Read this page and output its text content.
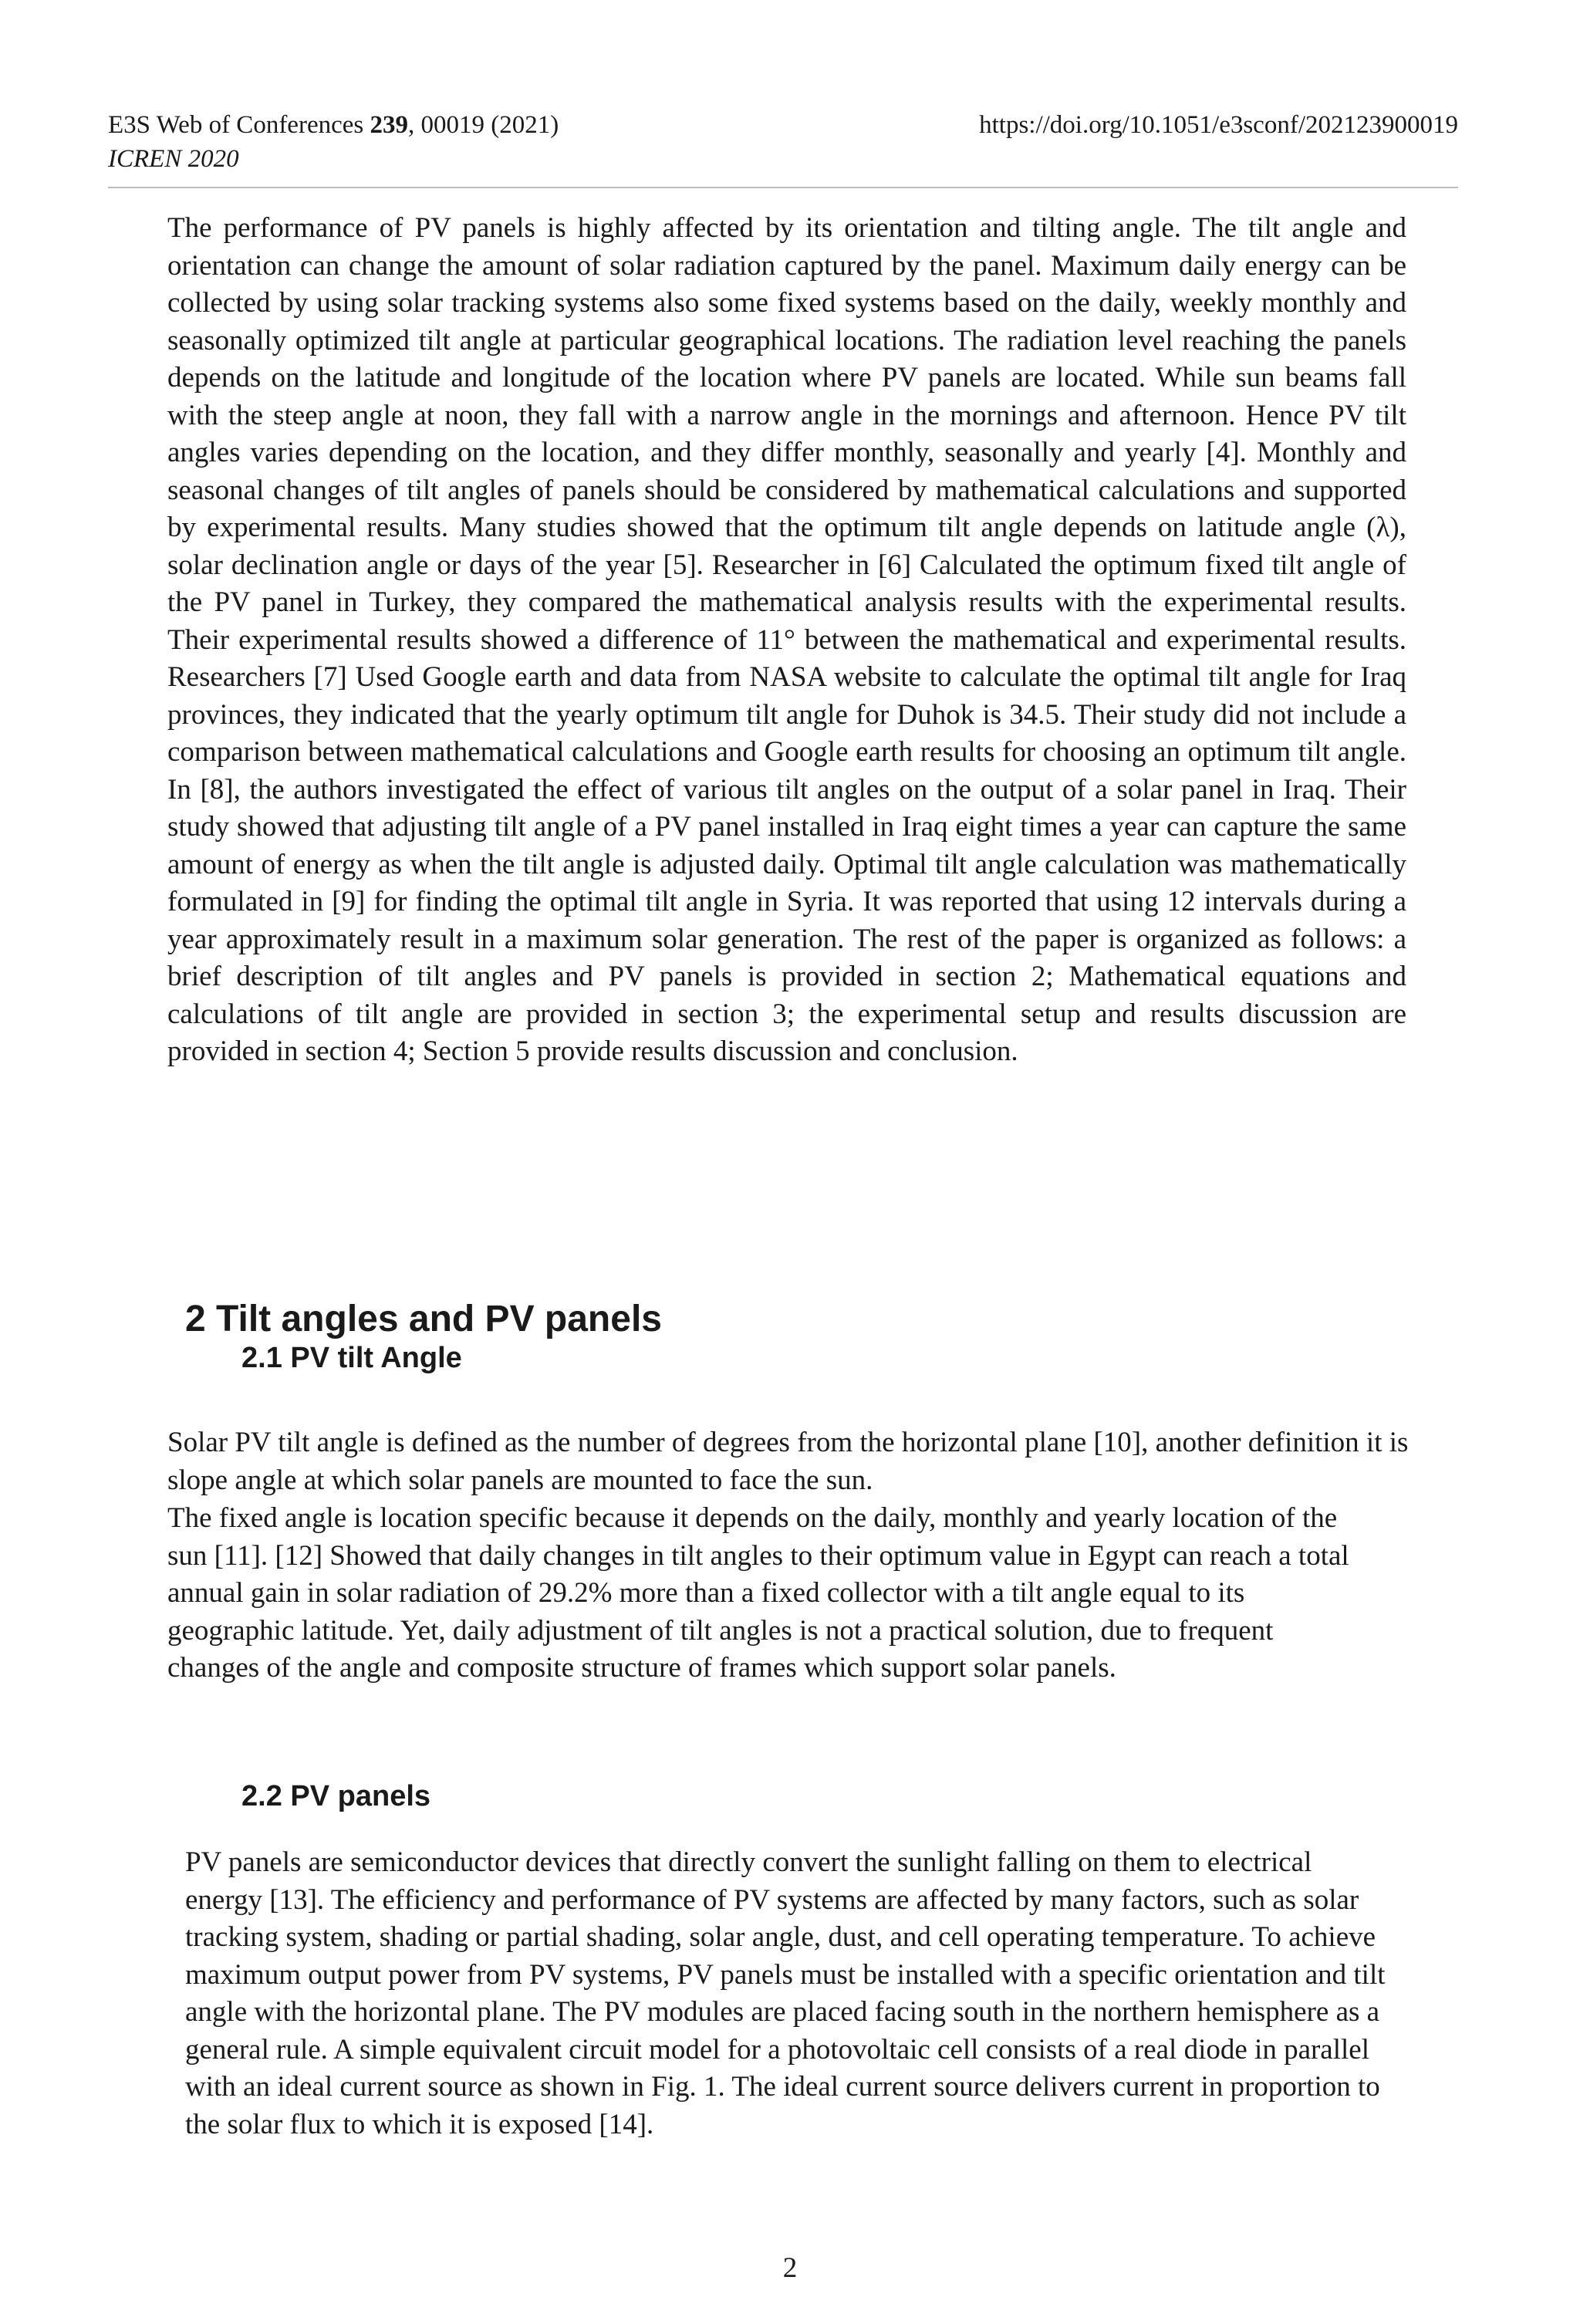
E3S Web of Conferences 239, 00019 (2021)
ICREN 2020
https://doi.org/10.1051/e3sconf/202123900019

The performance of PV panels is highly affected by its orientation and tilting angle. The tilt angle and orientation can change the amount of solar radiation captured by the panel. Maximum daily energy can be collected by using solar tracking systems also some fixed systems based on the daily, weekly monthly and seasonally optimized tilt angle at particular geographical locations. The radiation level reaching the panels depends on the latitude and longitude of the location where PV panels are located. While sun beams fall with the steep angle at noon, they fall with a narrow angle in the mornings and afternoon. Hence PV tilt angles varies depending on the location, and they differ monthly, seasonally and yearly [4]. Monthly and seasonal changes of tilt angles of panels should be considered by mathematical calculations and supported by experimental results. Many studies showed that the optimum tilt angle depends on latitude angle (λ), solar declination angle or days of the year [5]. Researcher in [6] Calculated the optimum fixed tilt angle of the PV panel in Turkey, they compared the mathematical analysis results with the experimental results. Their experimental results showed a difference of 11° between the mathematical and experimental results. Researchers [7] Used Google earth and data from NASA website to calculate the optimal tilt angle for Iraq provinces, they indicated that the yearly optimum tilt angle for Duhok is 34.5. Their study did not include a comparison between mathematical calculations and Google earth results for choosing an optimum tilt angle. In [8], the authors investigated the effect of various tilt angles on the output of a solar panel in Iraq. Their study showed that adjusting tilt angle of a PV panel installed in Iraq eight times a year can capture the same amount of energy as when the tilt angle is adjusted daily. Optimal tilt angle calculation was mathematically formulated in [9] for finding the optimal tilt angle in Syria. It was reported that using 12 intervals during a year approximately result in a maximum solar generation. The rest of the paper is organized as follows: a brief description of tilt angles and PV panels is provided in section 2; Mathematical equations and calculations of tilt angle are provided in section 3; the experimental setup and results discussion are provided in section 4; Section 5 provide results discussion and conclusion.

2 Tilt angles and PV panels
2.1 PV tilt Angle

Solar PV tilt angle is defined as the number of degrees from the horizontal plane [10], another definition it is slope angle at which solar panels are mounted to face the sun.

The fixed angle is location specific because it depends on the daily, monthly and yearly location of the sun [11]. [12] Showed that daily changes in tilt angles to their optimum value in Egypt can reach a total annual gain in solar radiation of 29.2% more than a fixed collector with a tilt angle equal to its geographic latitude. Yet, daily adjustment of tilt angles is not a practical solution, due to frequent changes of the angle and composite structure of frames which support solar panels.

2.2 PV panels

PV panels are semiconductor devices that directly convert the sunlight falling on them to electrical energy [13]. The efficiency and performance of PV systems are affected by many factors, such as solar tracking system, shading or partial shading, solar angle, dust, and cell operating temperature. To achieve maximum output power from PV systems, PV panels must be installed with a specific orientation and tilt angle with the horizontal plane. The PV modules are placed facing south in the northern hemisphere as a general rule. A simple equivalent circuit model for a photovoltaic cell consists of a real diode in parallel with an ideal current source as shown in Fig. 1. The ideal current source delivers current in proportion to the solar flux to which it is exposed [14].

2
